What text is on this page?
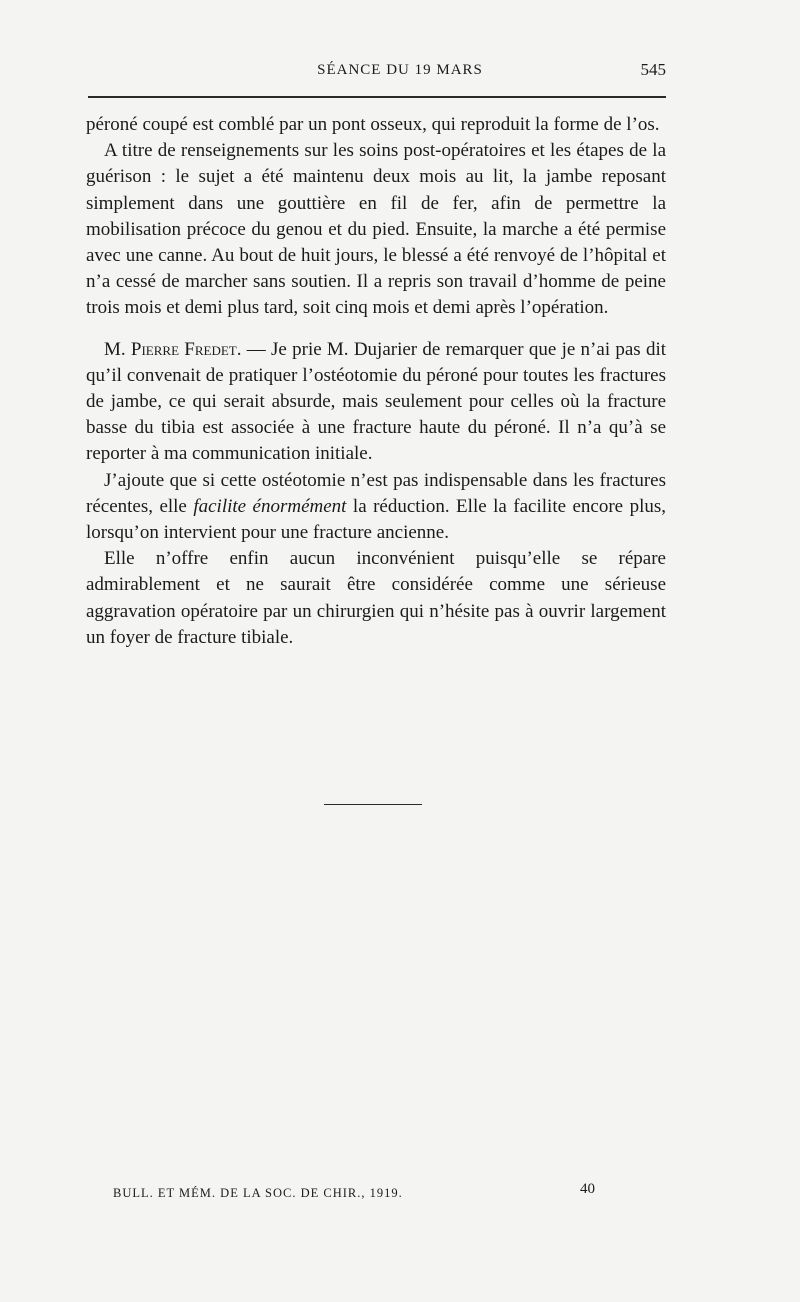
SÉANCE DU 19 MARS	545

péroné coupé est comblé par un pont osseux, qui reproduit la forme de l’os.

A titre de renseignements sur les soins post-opératoires et les étapes de la guérison : le sujet a été maintenu deux mois au lit, la jambe reposant simplement dans une gouttière en fil de fer, afin de permettre la mobilisation précoce du genou et du pied. Ensuite, la marche a été permise avec une canne. Au bout de huit jours, le blessé a été renvoyé de l’hôpital et n’a cessé de marcher sans soutien. Il a repris son travail d’homme de peine trois mois et demi plus tard, soit cinq mois et demi après l’opération.

M. Pierre Fredet. — Je prie M. Dujarier de remarquer que je n’ai pas dit qu’il convenait de pratiquer l’ostéotomie du péroné pour toutes les fractures de jambe, ce qui serait absurde, mais seulement pour celles où la fracture basse du tibia est associée à une fracture haute du péroné. Il n’a qu’à se reporter à ma communication initiale.

J’ajoute que si cette ostéotomie n’est pas indispensable dans les fractures récentes, elle facilite énormément la réduction. Elle la facilite encore plus, lorsqu’on intervient pour une fracture ancienne.

Elle n’offre enfin aucun inconvénient puisqu’elle se répare admirablement et ne saurait être considérée comme une sérieuse aggravation opératoire par un chirurgien qui n’hésite pas à ouvrir largement un foyer de fracture tibiale.

BULL. ET MÉM. DE LA SOC. DE CHIR., 1919.	40
